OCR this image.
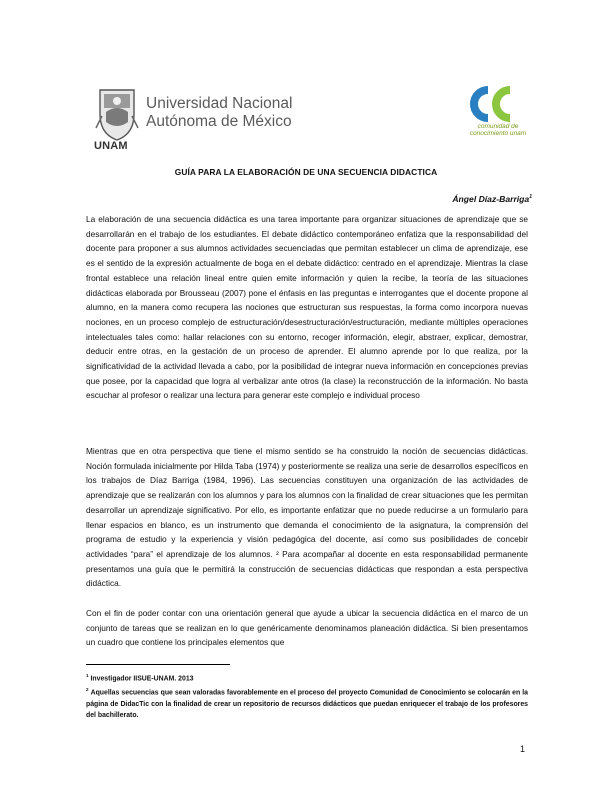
UNAM
Universidad Nacional
Autónoma de México	comunidad de conocimiento unam
GUÍA PARA LA ELABORACIÓN DE UNA SECUENCIA DIDACTICA
Ángel Díaz-Barriga$^1$

La elaboración de una secuencia didáctica es una tarea importante para organizar situaciones de aprendizaje que se desarrollarán en el trabajo de los estudiantes. El debate didáctico contemporáneo enfatiza que la responsabilidad del docente para proponer a sus alumnos actividades secuenciadas que permitan establecer un clima de aprendizaje, ese es el sentido de la expresión actualmente de boga en el debate didáctico: centrado en el aprendizaje. Mientras la clase frontal establece una relación lineal entre quien emite información y quien la recibe, la teoría de las situaciones didácticas elaborada por Brousseau (2007) pone el énfasis en las preguntas e interrogantes que el docente propone al alumno, en la manera como recupera las nociones que estructuran sus respuestas, la forma como incorpora nuevas nociones, en un proceso complejo de estructuración/desestructuración/estructuración, mediante múltiples operaciones intelectuales tales como: hallar relaciones con su entorno, recoger información, elegir, abstraer, explicar, demostrar, deducir entre otras, en la gestación de un proceso de aprender. El alumno aprende por lo que realiza, por la significatividad de la actividad llevada a cabo, por la posibilidad de integrar nueva información en concepciones previas que posee, por la capacidad que logra al verbalizar ante otros (la clase) la reconstrucción de la información. No basta escuchar al profesor o realizar una lectura para generar este complejo e individual proceso

Mientras que en otra perspectiva que tiene el mismo sentido se ha construido la noción de secuencias didácticas. Noción formulada inicialmente por Hilda Taba (1974) y posteriormente se realiza una serie de desarrollos específicos en los trabajos de Díaz Barriga (1984, 1996). Las secuencias constituyen una organización de las actividades de aprendizaje que se realizarán con los alumnos y para los alumnos con la finalidad de crear situaciones que les permitan desarrollar un aprendizaje significativo. Por ello, es importante enfatizar que no puede reducirse a un formulario para llenar espacios en blanco, es un instrumento que demanda el conocimiento de la asignatura, la comprensión del programa de estudio y la experiencia y visión pedagógica del docente, así como sus posibilidades de concebir actividades “para” el aprendizaje de los alumnos. ² Para acompañar al docente en esta responsabilidad permanente presentamos una guía que le permitirá la construcción de secuencias didácticas que respondan a esta perspectiva didáctica.

Con el fin de poder contar con una orientación general que ayude a ubicar la secuencia didáctica en el marco de un conjunto de tareas que se realizan en lo que genéricamente denominamos planeación didáctica. Si bien presentamos un cuadro que contiene los principales elementos que

$^1$ Investigador IISUE-UNAM. 2013

$^2$ Aquellas secuencias que sean valoradas favorablemente en el proceso del proyecto Comunidad de Conocimiento se colocarán en la página de DidacTic con la finalidad de crear un repositorio de recursos didácticos que puedan enriquecer el trabajo de los profesores del bachillerato.

1
